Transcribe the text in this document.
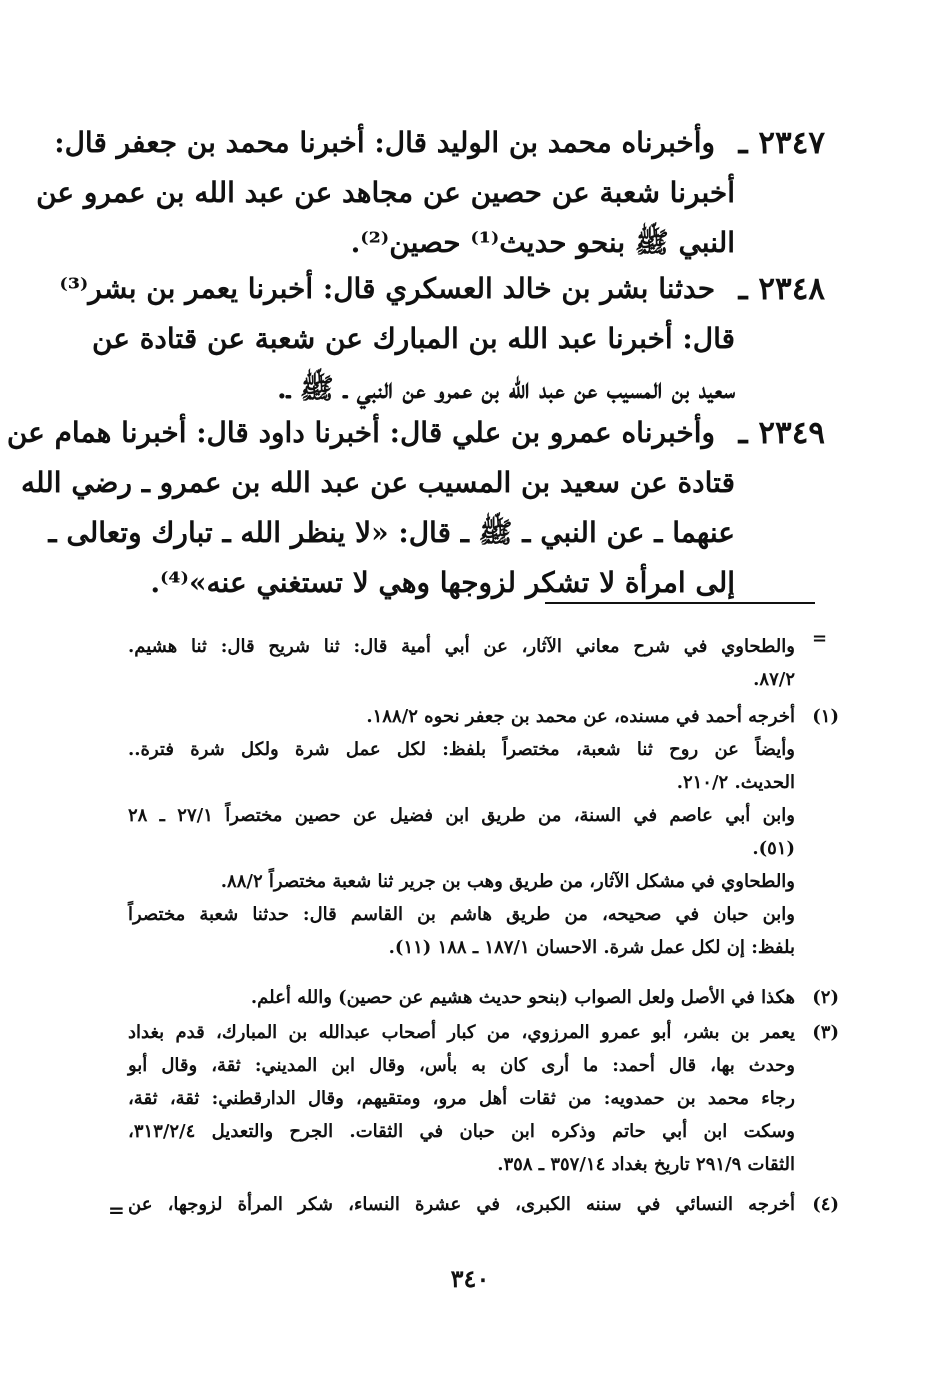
٢٣٤٧ ـ
وأخبرناه محمد بن الوليد قال: أخبرنا محمد بن جعفر قال:
أخبرنا شعبة عن حصين عن مجاهد عن عبد الله بن عمرو عن
النبي ﷺ بنحو حديث⁽¹⁾ حصين⁽²⁾.
٢٣٤٨ ـ
حدثنا بشر بن خالد العسكري قال: أخبرنا يعمر بن بشر⁽³⁾
قال: أخبرنا عبد الله بن المبارك عن شعبة عن قتادة عن
سعيد بن المسيب عن عبد الله بن عمرو عن النبي ـ ﷺ ـ.
٢٣٤٩ ـ
وأخبرناه عمرو بن علي قال: أخبرنا داود قال: أخبرنا همام عن
قتادة عن سعيد بن المسيب عن عبد الله بن عمرو ـ رضي الله
عنهما ـ عن النبي ـ ﷺ ـ قال: «لا ينظر الله ـ تبارك وتعالى ـ
إلى امرأة لا تشكر لزوجها وهي لا تستغني عنه»⁽⁴⁾.
=
والطحاوي في شرح معاني الآثار، عن أبي أمية قال: ثنا شريح قال: ثنا هشيم.
٨٧/٢.
(١)
أخرجه أحمد في مسنده، عن محمد بن جعفر نحوه ١٨٨/٢.
وأيضاً عن روح ثنا شعبة، مختصراً بلفظ: لكل عمل شرة ولكل شرة فترة..
الحديث. ٢١٠/٢.
وابن أبي عاصم في السنة، من طريق ابن فضيل عن حصين مختصراً ٢٧/١ ـ ٢٨
(٥١).
والطحاوي في مشكل الآثار، من طريق وهب بن جرير ثنا شعبة مختصراً ٨٨/٢.
وابن حبان في صحيحه، من طريق هاشم بن القاسم قال: حدثنا شعبة مختصراً
بلفظ: إن لكل عمل شرة. الاحسان ١٨٧/١ ـ ١٨٨ (١١).
(٢)
هكذا في الأصل ولعل الصواب (بنحو حديث هشيم عن حصين) والله أعلم.
(٣)
يعمر بن بشر، أبو عمرو المرزوي، من كبار أصحاب عبدالله بن المبارك، قدم بغداد
وحدث بها، قال أحمد: ما أرى كان به بأس، وقال ابن المديني: ثقة، وقال أبو
رجاء محمد بن حمدويه: من ثقات أهل مرو، ومتقيهم، وقال الدارقطني: ثقة، ثقة،
وسكت ابن أبي حاتم وذكره ابن حبان في الثقات. الجرح والتعديل ٣١٣/٢/٤،
الثقات ٢٩١/٩ تاريخ بغداد ٣٥٧/١٤ ـ ٣٥٨.
(٤)
أخرجه النسائي في سننه الكبرى، في عشرة النساء، شكر المرأة لزوجها، عن
=
٣٤٠
